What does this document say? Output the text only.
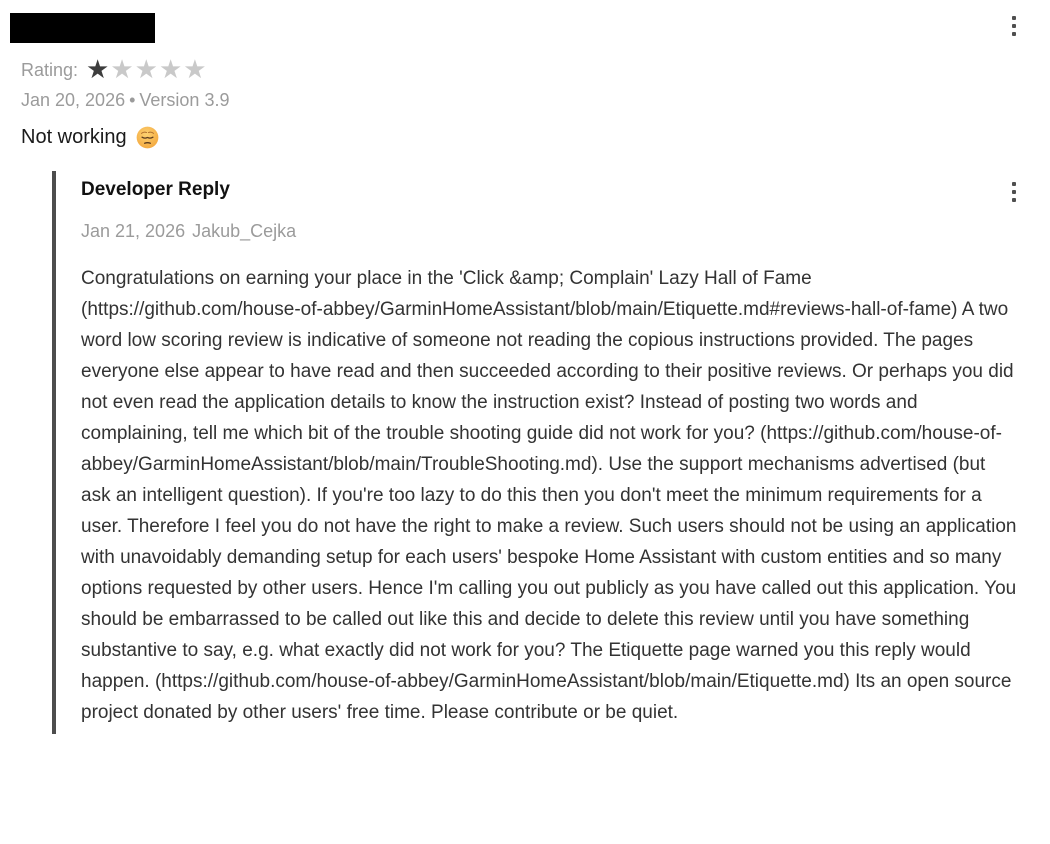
Rating: ★★★★★
Jan 20, 2026 • Version 3.9
Not working
Developer Reply
Jan 21, 2026 Jakub_Cejka

Congratulations on earning your place in the 'Click &amp; Complain' Lazy Hall of Fame (https://github.com/house-of-abbey/GarminHomeAssistant/blob/main/Etiquette.md#reviews-hall-of-fame) A two word low scoring review is indicative of someone not reading the copious instructions provided. The pages everyone else appear to have read and then succeeded according to their positive reviews. Or perhaps you did not even read the application details to know the instruction exist? Instead of posting two words and complaining, tell me which bit of the trouble shooting guide did not work for you? (https://github.com/house-of-abbey/GarminHomeAssistant/blob/main/TroubleShooting.md). Use the support mechanisms advertised (but ask an intelligent question). If you're too lazy to do this then you don't meet the minimum requirements for a user. Therefore I feel you do not have the right to make a review. Such users should not be using an application with unavoidably demanding setup for each users' bespoke Home Assistant with custom entities and so many options requested by other users. Hence I'm calling you out publicly as you have called out this application. You should be embarrassed to be called out like this and decide to delete this review until you have something substantive to say, e.g. what exactly did not work for you? The Etiquette page warned you this reply would happen. (https://github.com/house-of-abbey/GarminHomeAssistant/blob/main/Etiquette.md) Its an open source project donated by other users' free time. Please contribute or be quiet.
